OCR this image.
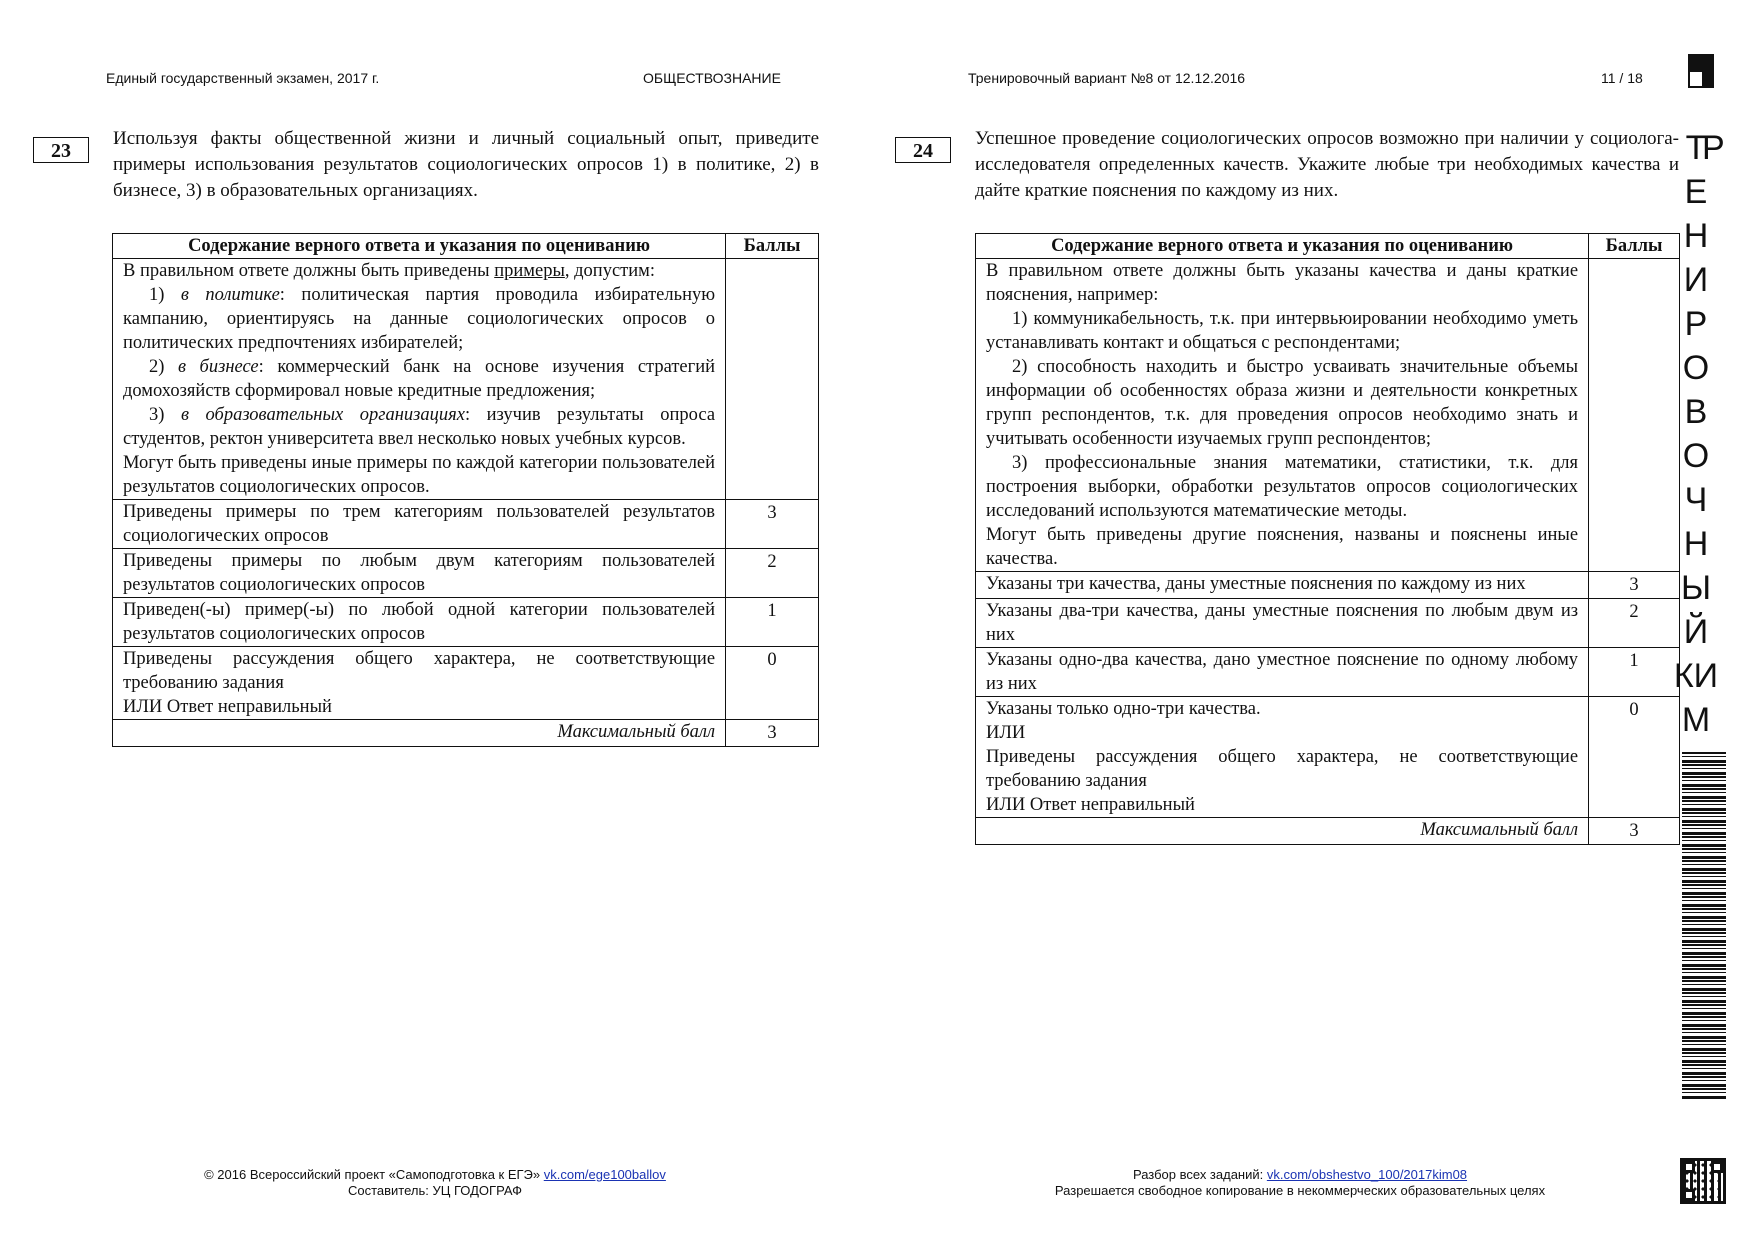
Единый государственный экзамен, 2017 г.	ОБЩЕСТВОЗНАНИЕ	Тренировочный вариант №8 от 12.12.2016	11 / 18
23

Используя факты общественной жизни и личный социальный опыт, приведите примеры использования результатов социологических опросов 1) в политике, 2) в бизнесе, 3) в образовательных организациях.

Содержание верного ответа и указания по оцениванию	Баллы

В правильном ответе должны быть приведены примеры, допустим:
1) в политике: политическая партия проводила избирательную кампанию, ориентируясь на данные социологических опросов о политических предпочтениях избирателей;
2) в бизнесе: коммерческий банк на основе изучения стратегий домохозяйств сформировал новые кредитные предложения;
3) в образовательных организациях: изучив результаты опроса студентов, ректон университета ввел несколько новых учебных курсов.
Могут быть приведены иные примеры по каждой категории пользователей результатов социологических опросов.	

Приведены примеры по трем категориям пользователей результатов социологических опросов	3
Приведены примеры по любым двум категориям пользователей результатов социологических опросов	2
Приведен(-ы) пример(-ы) по любой одной категории пользователей результатов социологических опросов	1

Приведены рассуждения общего характера, не соответствующие требованию задания
ИЛИ Ответ неправильный	0
Максимальный балл	3
24

Успешное проведение социологических опросов возможно при наличии у социолога-исследователя определенных качеств. Укажите любые три необходимых качества и дайте краткие пояснения по каждому из них.

Содержание верного ответа и указания по оцениванию	Баллы

В правильном ответе должны быть указаны качества и даны краткие пояснения, например:
1) коммуникабельность, т.к. при интервьюировании необходимо уметь устанавливать контакт и общаться с респондентами;
2) способность находить и быстро усваивать значительные объемы информации об особенностях образа жизни и деятельности конкретных групп респондентов, т.к. для проведения опросов необходимо знать и учитывать особенности изучаемых групп респондентов;
3) профессиональные знания математики, статистики, т.к. для построения выборки, обработки результатов опросов социологических исследований используются математические методы.
Могут быть приведены другие пояснения, названы и пояснены иные качества.	

Указаны три качества, даны уместные пояснения по каждому из них	3
Указаны два-три качества, даны уместные пояснения по любым двум из них	2
Указаны одно-два качества, дано уместное пояснение по одному любому из них	1

Указаны только одно-три качества.
ИЛИ
Приведены рассуждения общего характера, не соответствующие требованию задания
ИЛИ Ответ неправильный	0
Максимальный балл	3
Т
Р
Е
Н
И
Р
О
В
О
Ч
Н
Ы
Й
КИ
М
© 2016 Всероссийский проект «Самоподготовка к ЕГЭ» vk.com/ege100ballov
Составитель: УЦ ГОДОГРАФ
Разбор всех заданий: vk.com/obshestvo_100/2017kim08
Разрешается свободное копирование в некоммерческих образовательных целях
